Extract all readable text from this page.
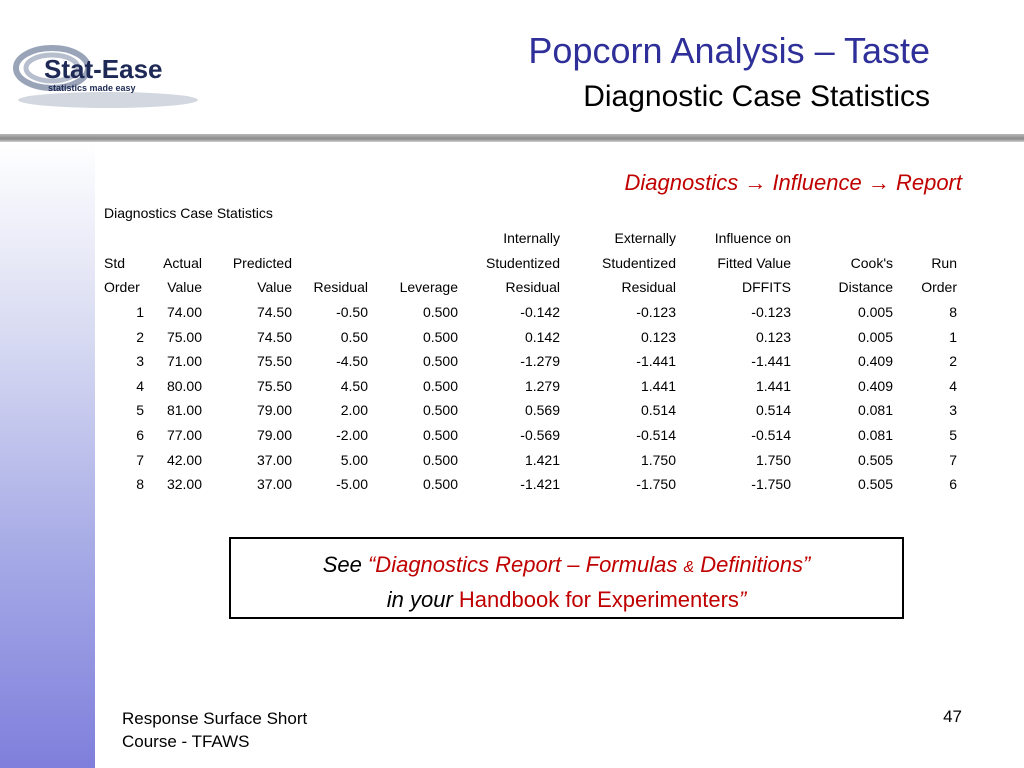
Stat-Ease
statistics made easy
Popcorn Analysis – Taste
Diagnostic Case Statistics
Diagnostics → Influence → Report
Diagnostics Case Statistics
					Internally	Externally	Influence on		
Std	Actual	Predicted			Studentized	Studentized	Fitted Value	Cook's	Run
Order	Value	Value	Residual	Leverage	Residual	Residual	DFFITS	Distance	Order
1	74.00	74.50	-0.50	0.500	-0.142	-0.123	-0.123	0.005	8
2	75.00	74.50	0.50	0.500	0.142	0.123	0.123	0.005	1
3	71.00	75.50	-4.50	0.500	-1.279	-1.441	-1.441	0.409	2
4	80.00	75.50	4.50	0.500	1.279	1.441	1.441	0.409	4
5	81.00	79.00	2.00	0.500	0.569	0.514	0.514	0.081	3
6	77.00	79.00	-2.00	0.500	-0.569	-0.514	-0.514	0.081	5
7	42.00	37.00	5.00	0.500	1.421	1.750	1.750	0.505	7
8	32.00	37.00	-5.00	0.500	-1.421	-1.750	-1.750	0.505	6
See “Diagnostics Report – Formulas & Definitions”
in your Handbook for Experimenters”
Response Surface Short
Course - TFAWS
47
